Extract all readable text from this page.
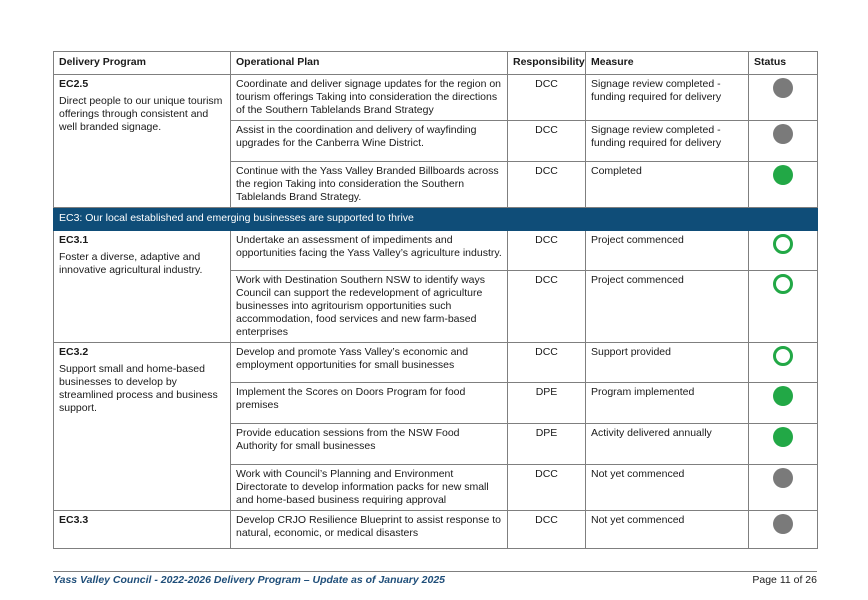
Delivery Program	Operational Plan	Responsibility	Measure	Status

EC2.5
Direct people to our unique tourism offerings through consistent and well branded signage.	Coordinate and deliver signage updates for the region on tourism offerings Taking into consideration the directions of the Southern Tablelands Brand Strategy	DCC	Signage review completed - funding required for delivery	
	Assist in the coordination and delivery of wayfinding upgrades for the Canberra Wine District.	DCC	Signage review completed - funding required for delivery	
	Continue with the Yass Valley Branded Billboards across the region Taking into consideration the Southern Tablelands Brand Strategy.	DCC	Completed	
EC3: Our local established and emerging businesses are supported to thrive				

EC3.1
Foster a diverse, adaptive and innovative agricultural industry.	Undertake an assessment of impediments and opportunities facing the Yass Valley’s agriculture industry.	DCC	Project commenced	
	Work with Destination Southern NSW to identify ways Council can support the redevelopment of agriculture businesses into agritourism opportunities such accommodation, food services and new farm-based enterprises	DCC	Project commenced	

EC3.2
Support small and home-based businesses to develop by streamlined process and business support.	Develop and promote Yass Valley’s economic and employment opportunities for small businesses	DCC	Support provided	
	Implement the Scores on Doors Program for food premises	DPE	Program implemented	
	Provide education sessions from the NSW Food Authority for small businesses	DPE	Activity delivered annually	
	Work with Council’s Planning and Environment Directorate to develop information packs for new small and home-based business requiring approval	DCC	Not yet commenced	

EC3.3	Develop CRJO Resilience Blueprint to assist response to natural, economic, or medical disasters	DCC	Not yet commenced	
Yass Valley Council - 2022-2026 Delivery Program – Update as of January 2025	Page 11 of 26
